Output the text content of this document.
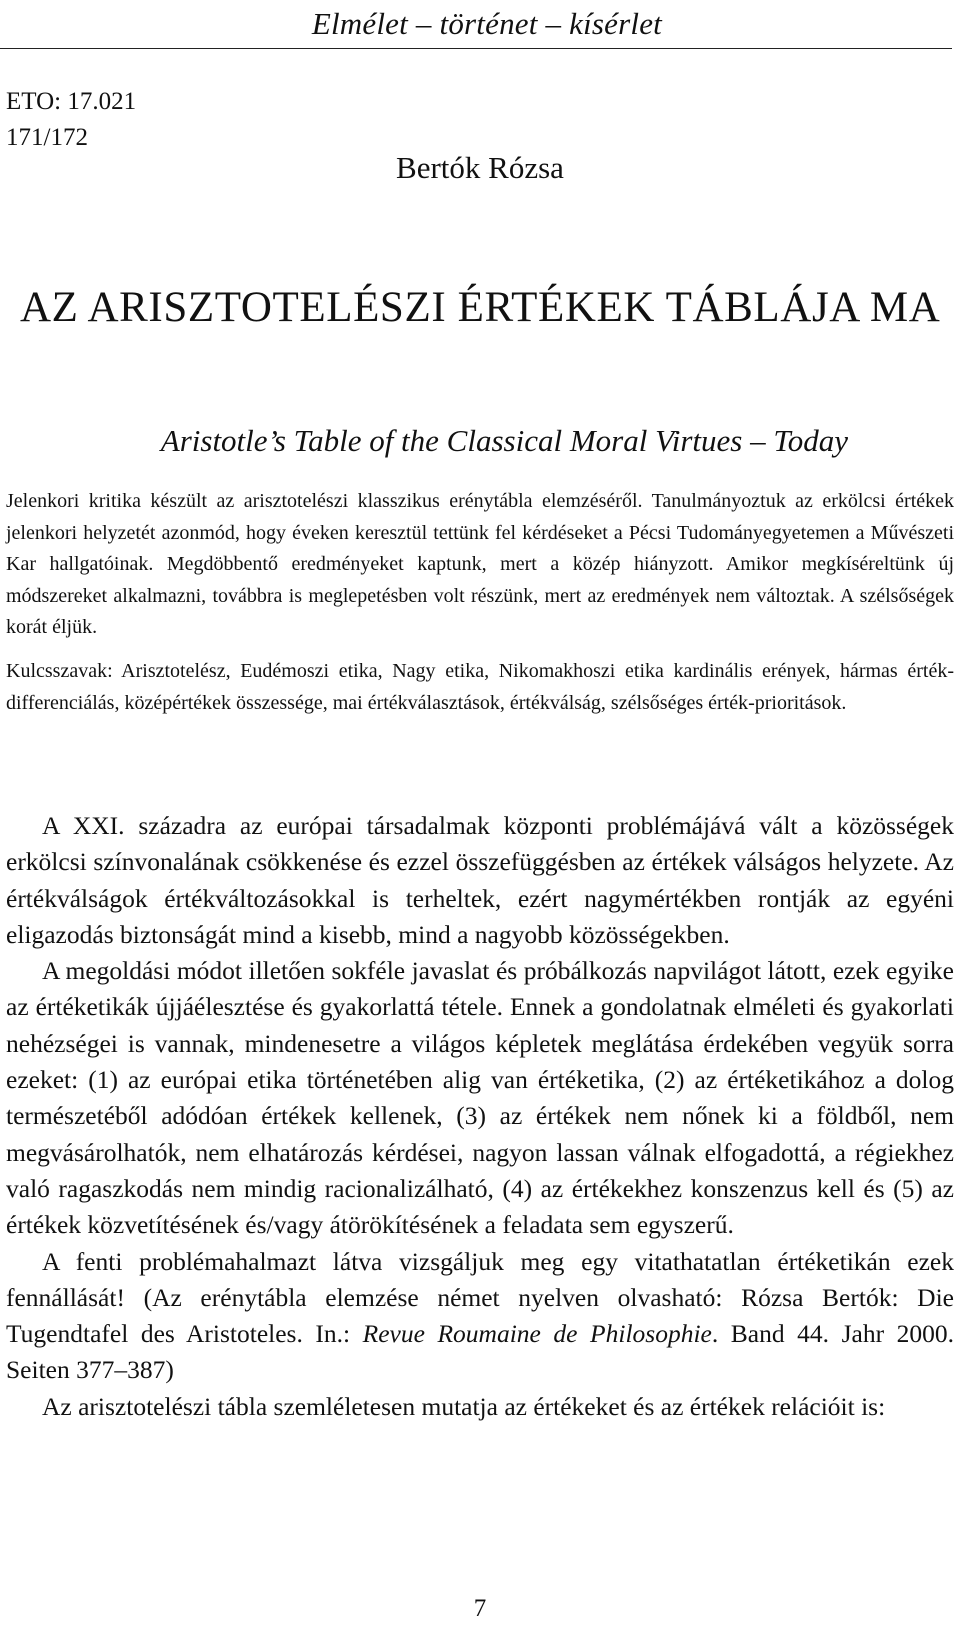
Elmélet – történet – kísérlet
ETO: 17.021
171/172
Bertók Rózsa
AZ ARISZTOTELÉSZI ÉRTÉKEK TÁBLÁJA MA
Aristotle’s Table of the Classical Moral Virtues – Today
Jelenkori kritika készült az arisztotelészi klasszikus erénytábla elemzéséről. Tanulmányoztuk az erkölcsi értékek jelenkori helyzetét azonmód, hogy éveken keresztül tettünk fel kérdéseket a Pécsi Tudományegyetemen a Művészeti Kar hallgatóinak. Megdöbbentő eredményeket kaptunk, mert a közép hiányzott. Amikor megkíséreltünk új módszereket alkalmazni, továbbra is meglepetésben volt részünk, mert az eredmények nem változtak. A szélsőségek korát éljük.
Kulcsszavak: Arisztotelész, Eudémoszi etika, Nagy etika, Nikomakhoszi etika kardinális erények, hármas érték-differenciálás, középértékek összessége, mai értékválasztások, értékválság, szélsőséges érték-prioritások.

A XXI. századra az európai társadalmak központi problémájává vált a közösségek erkölcsi színvonalának csökkenése és ezzel összefüggésben az értékek válságos helyzete. Az értékválságok értékváltozásokkal is terheltek, ezért nagymértékben rontják az egyéni eligazodás biztonságát mind a kisebb, mind a nagyobb közösségekben.

A megoldási módot illetően sokféle javaslat és próbálkozás napvilágot látott, ezek egyike az értéketikák újjáélesztése és gyakorlattá tétele. Ennek a gondolatnak elméleti és gyakorlati nehézségei is vannak, mindenesetre a világos képletek meglátása érdekében vegyük sorra ezeket: (1) az európai etika történetében alig van értéketika, (2) az értéketikához a dolog természetéből adódóan értékek kellenek, (3) az értékek nem nőnek ki a földből, nem megvásárolhatók, nem elhatározás kérdései, nagyon lassan válnak elfogadottá, a régiekhez való ragaszkodás nem mindig racionalizálható, (4) az értékekhez konszenzus kell és (5) az értékek közvetítésének és/vagy átörökítésének a feladata sem egyszerű.

A fenti problémahalmazt látva vizsgáljuk meg egy vitathatatlan értéketikán ezek fennállását! (Az erénytábla elemzése német nyelven olvasható: Rózsa Bertók: Die Tugendtafel des Aristoteles. In.: Revue Roumaine de Philosophie. Band 44. Jahr 2000. Seiten 377–387)

Az arisztotelészi tábla szemléletesen mutatja az értékeket és az értékek relációit is:

7
